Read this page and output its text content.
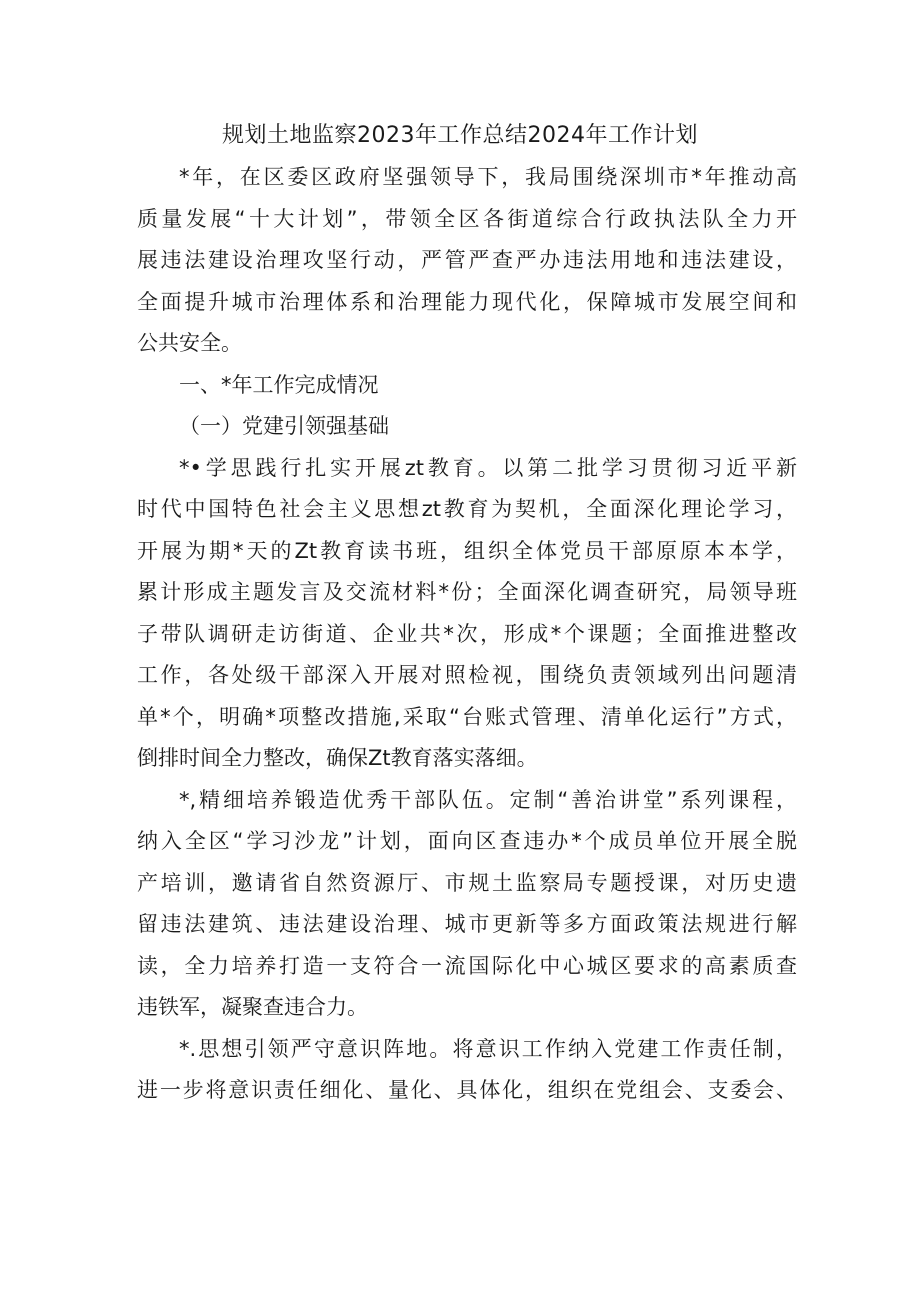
规划土地监察2023年工作总结2024年工作计划
*年，在区委区政府坚强领导下，我局围绕深圳市*年推动高
质量发展“十大计划”，带领全区各街道综合行政执法队全力开
展违法建设治理攻坚行动，严管严查严办违法用地和违法建设，
全面提升城市治理体系和治理能力现代化，保障城市发展空间和
公共安全。
一、*年工作完成情况
（一）党建引领强基础
*•学思践行扎实开展zt教育。以第二批学习贯彻习近平新
时代中国特色社会主义思想zt教育为契机，全面深化理论学习，
开展为期*天的Zt教育读书班，组织全体党员干部原原本本学，
累计形成主题发言及交流材料*份；全面深化调查研究，局领导班
子带队调研走访街道、企业共*次，形成*个课题；全面推进整改
工作，各处级干部深入开展对照检视，围绕负责领域列出问题清
单*个，明确*项整改措施,采取“台账式管理、清单化运行”方式，
倒排时间全力整改，确保Zt教育落实落细。
*,精细培养锻造优秀干部队伍。定制“善治讲堂”系列课程，
纳入全区“学习沙龙”计划，面向区查违办*个成员单位开展全脱
产培训，邀请省自然资源厅、市规土监察局专题授课，对历史遗
留违法建筑、违法建设治理、城市更新等多方面政策法规进行解
读，全力培养打造一支符合一流国际化中心城区要求的高素质查
违铁军，凝聚查违合力。
*.思想引领严守意识阵地。将意识工作纳入党建工作责任制，
进一步将意识责任细化、量化、具体化，组织在党组会、支委会、
